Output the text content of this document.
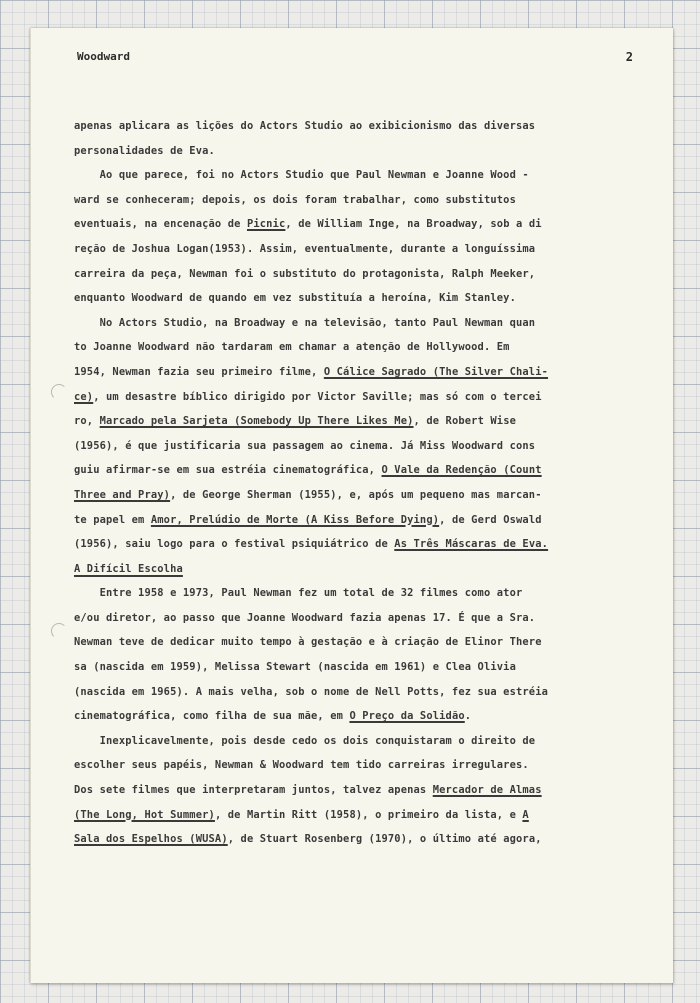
Woodward	2
apenas aplicara as lições do Actors Studio ao exibicionismo das diversas
personalidades de Eva.
Ao que parece, foi no Actors Studio que Paul Newman e Joanne Wood -
ward se conheceram; depois, os dois foram trabalhar, como substitutos
eventuais, na encenação de Picnic, de William Inge, na Broadway, sob a di
reção de Joshua Logan(1953). Assim, eventualmente, durante a longuíssima
carreira da peça, Newman foi o substituto do protagonista, Ralph Meeker,
enquanto Woodward de quando em vez substituía a heroína, Kim Stanley.
No Actors Studio, na Broadway e na televisão, tanto Paul Newman quan
to Joanne Woodward não tardaram em chamar a atenção de Hollywood. Em
1954, Newman fazia seu primeiro filme, O Cálice Sagrado (The Silver Chali-
ce), um desastre bíblico dirigido por Victor Saville; mas só com o tercei
ro, Marcado pela Sarjeta (Somebody Up There Likes Me), de Robert Wise
(1956), é que justificaria sua passagem ao cinema. Já Miss Woodward cons
guiu afirmar-se em sua estréia cinematográfica, O Vale da Redenção (Count
Three and Pray), de George Sherman (1955), e, após um pequeno mas marcan-
te papel em Amor, Prelúdio de Morte (A Kiss Before Dying), de Gerd Oswald
(1956), saiu logo para o festival psiquiátrico de As Três Máscaras de Eva.
A Difícil Escolha
Entre 1958 e 1973, Paul Newman fez um total de 32 filmes como ator
e/ou diretor, ao passo que Joanne Woodward fazia apenas 17. É que a Sra.
Newman teve de dedicar muito tempo à gestação e à criação de Elinor There
sa (nascida em 1959), Melissa Stewart (nascida em 1961) e Clea Olivia
(nascida em 1965). A mais velha, sob o nome de Nell Potts, fez sua estréia
cinematográfica, como filha de sua mãe, em O Preço da Solidão.
Inexplicavelmente, pois desde cedo os dois conquistaram o direito de
escolher seus papéis, Newman & Woodward tem tido carreiras irregulares.
Dos sete filmes que interpretaram juntos, talvez apenas Mercador de Almas
(The Long, Hot Summer), de Martin Ritt (1958), o primeiro da lista, e A
Sala dos Espelhos (WUSA), de Stuart Rosenberg (1970), o último até agora,
